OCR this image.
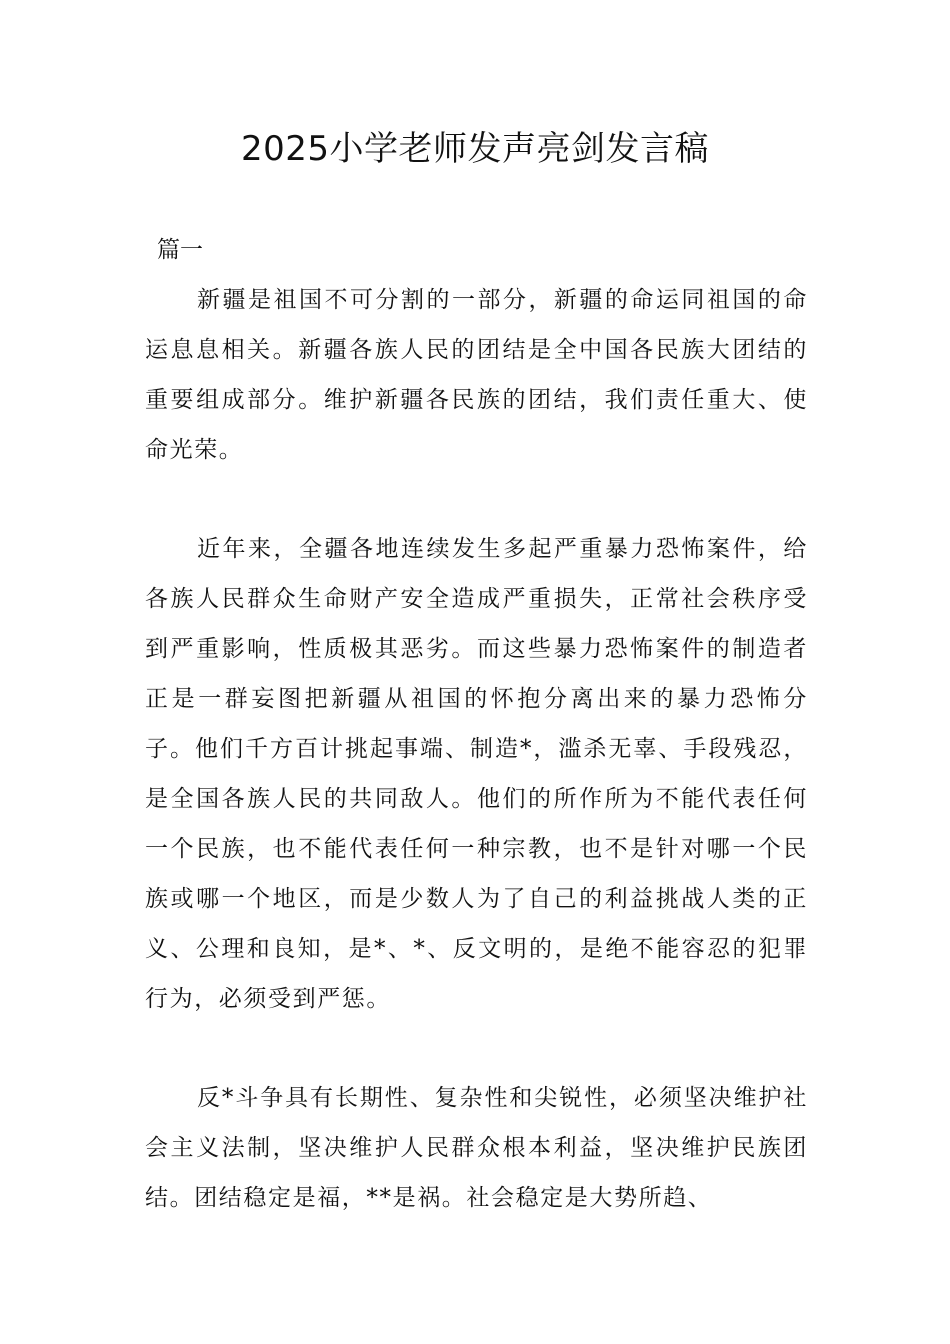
2025小学老师发声亮剑发言稿

篇一

新疆是祖国不可分割的一部分，新疆的命运同祖国的命运息息相关。新疆各族人民的团结是全中国各民族大团结的重要组成部分。维护新疆各民族的团结，我们责任重大、使命光荣。

近年来，全疆各地连续发生多起严重暴力恐怖案件，给各族人民群众生命财产安全造成严重损失，正常社会秩序受到严重影响，性质极其恶劣。而这些暴力恐怖案件的制造者正是一群妄图把新疆从祖国的怀抱分离出来的暴力恐怖分子。他们千方百计挑起事端、制造*，滥杀无辜、手段残忍，是全国各族人民的共同敌人。他们的所作所为不能代表任何一个民族，也不能代表任何一种宗教，也不是针对哪一个民族或哪一个地区，而是少数人为了自己的利益挑战人类的正义、公理和良知，是*、*、反文明的，是绝不能容忍的犯罪行为，必须受到严惩。

反*斗争具有长期性、复杂性和尖锐性，必须坚决维护社会主义法制，坚决维护人民群众根本利益，坚决维护民族团结。团结稳定是福，**是祸。社会稳定是大势所趋、
